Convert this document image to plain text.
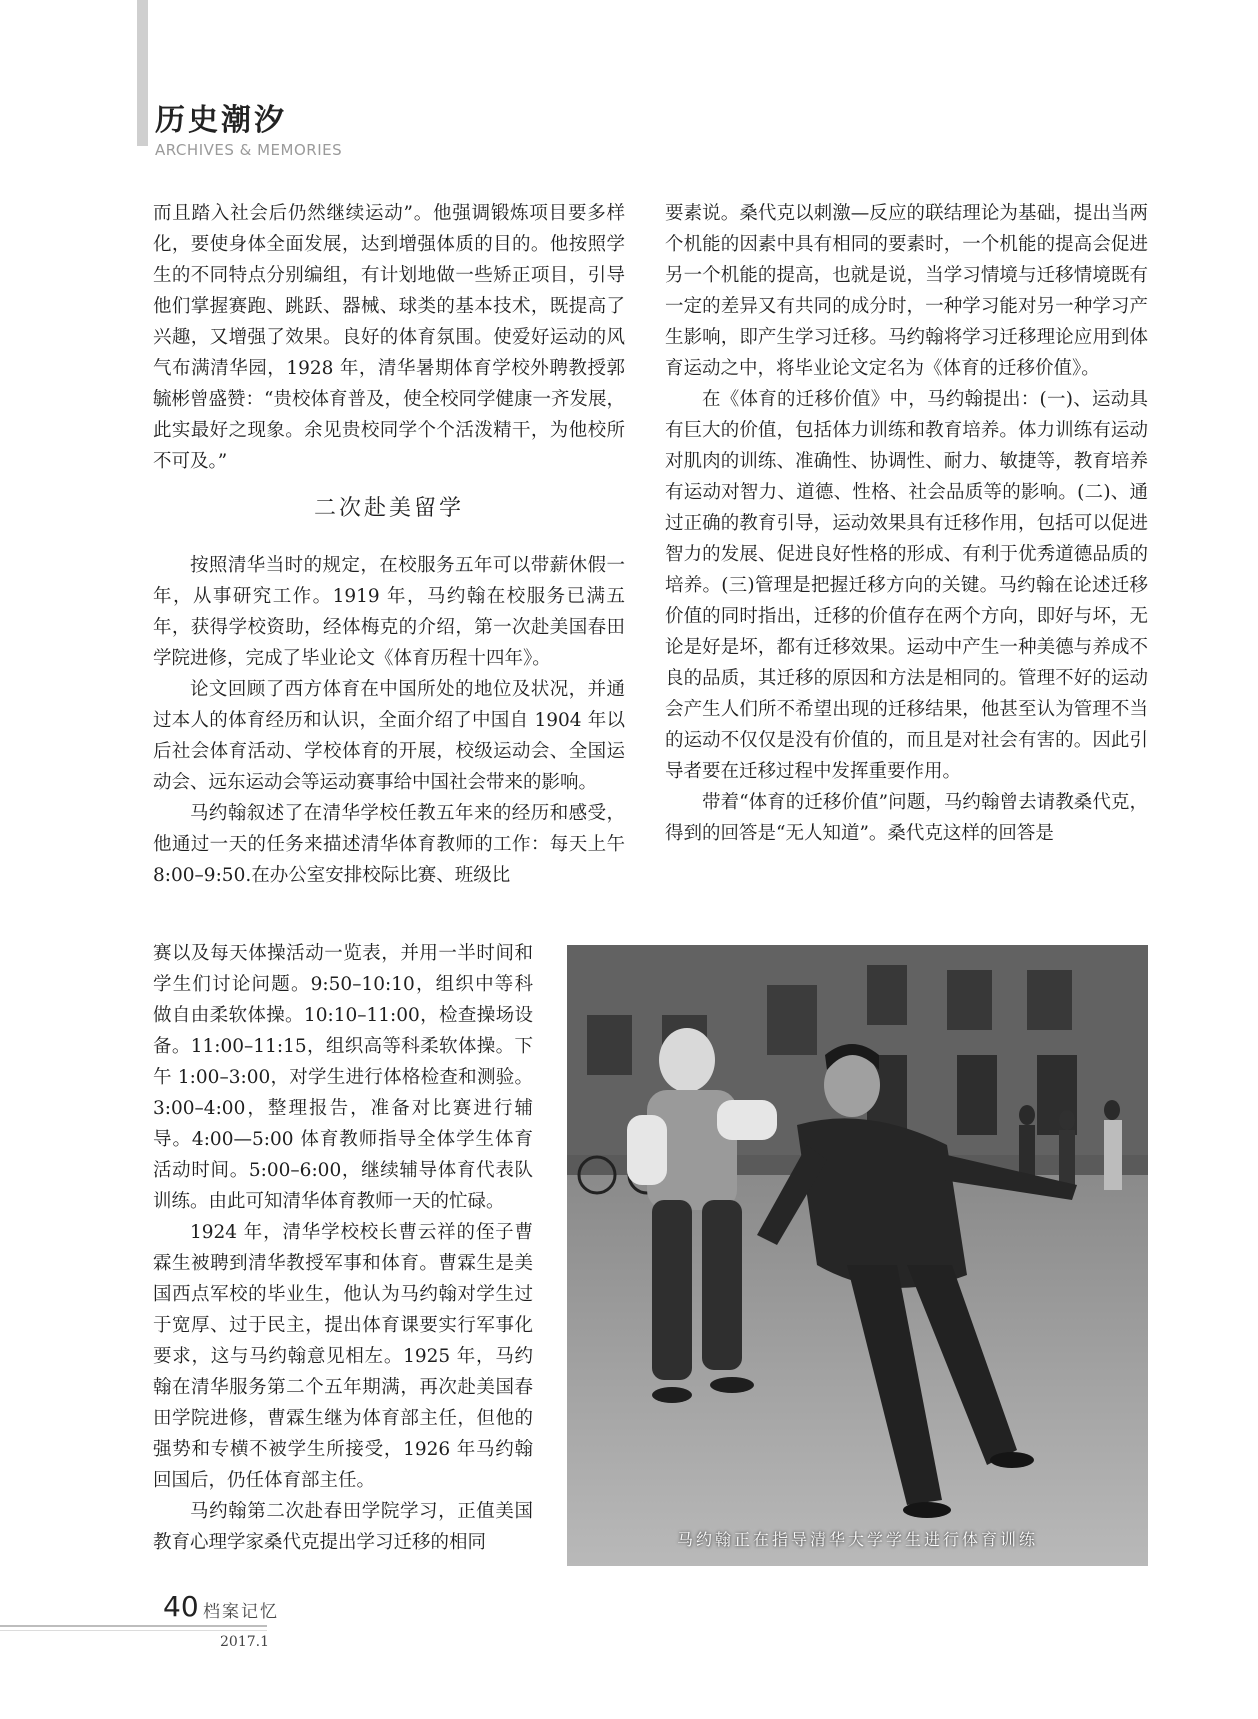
历史潮汐
ARCHIVES & MEMORIES

而且踏入社会后仍然继续运动”。他强调锻炼项目要多样化，要使身体全面发展，达到增强体质的目的。他按照学生的不同特点分别编组，有计划地做一些矫正项目，引导他们掌握赛跑、跳跃、器械、球类的基本技术，既提高了兴趣，又增强了效果。良好的体育氛围。使爱好运动的风气布满清华园，1928 年，清华暑期体育学校外聘教授郭毓彬曾盛赞：“贵校体育普及，使全校同学健康一齐发展，此实最好之现象。余见贵校同学个个活泼精干，为他校所不可及。”

二次赴美留学

按照清华当时的规定，在校服务五年可以带薪休假一年，从事研究工作。1919 年，马约翰在校服务已满五年，获得学校资助，经体梅克的介绍，第一次赴美国春田学院进修，完成了毕业论文《体育历程十四年》。

论文回顾了西方体育在中国所处的地位及状况，并通过本人的体育经历和认识，全面介绍了中国自 1904 年以后社会体育活动、学校体育的开展，校级运动会、全国运动会、远东运动会等运动赛事给中国社会带来的影响。

马约翰叙述了在清华学校任教五年来的经历和感受，他通过一天的任务来描述清华体育教师的工作：每天上午 8:00–9:50.在办公室安排校际比赛、班级比

赛以及每天体操活动一览表，并用一半时间和学生们讨论问题。9:50–10:10，组织中等科做自由柔软体操。10:10–11:00，检查操场设备。11:00–11:15，组织高等科柔软体操。下午 1:00–3:00，对学生进行体格检查和测验。3:00–4:00，整理报告，准备对比赛进行辅导。4:00—5:00 体育教师指导全体学生体育活动时间。5:00–6:00，继续辅导体育代表队训练。由此可知清华体育教师一天的忙碌。

1924 年，清华学校校长曹云祥的侄子曹霖生被聘到清华教授军事和体育。曹霖生是美国西点军校的毕业生，他认为马约翰对学生过于宽厚、过于民主，提出体育课要实行军事化要求，这与马约翰意见相左。1925 年，马约翰在清华服务第二个五年期满，再次赴美国春田学院进修，曹霖生继为体育部主任，但他的强势和专横不被学生所接受，1926 年马约翰回国后，仍任体育部主任。

马约翰第二次赴春田学院学习，正值美国教育心理学家桑代克提出学习迁移的相同

要素说。桑代克以刺激—反应的联结理论为基础，提出当两个机能的因素中具有相同的要素时，一个机能的提高会促进另一个机能的提高，也就是说，当学习情境与迁移情境既有一定的差异又有共同的成分时，一种学习能对另一种学习产生影响，即产生学习迁移。马约翰将学习迁移理论应用到体育运动之中，将毕业论文定名为《体育的迁移价值》。

在《体育的迁移价值》中，马约翰提出：(一)、运动具有巨大的价值，包括体力训练和教育培养。体力训练有运动对肌肉的训练、准确性、协调性、耐力、敏捷等，教育培养有运动对智力、道德、性格、社会品质等的影响。(二)、通过正确的教育引导，运动效果具有迁移作用，包括可以促进智力的发展、促进良好性格的形成、有利于优秀道德品质的培养。(三)管理是把握迁移方向的关键。马约翰在论述迁移价值的同时指出，迁移的价值存在两个方向，即好与坏，无论是好是坏，都有迁移效果。运动中产生一种美德与养成不良的品质，其迁移的原因和方法是相同的。管理不好的运动会产生人们所不希望出现的迁移结果，他甚至认为管理不当的运动不仅仅是没有价值的，而且是对社会有害的。因此引导者要在迁移过程中发挥重要作用。

带着“体育的迁移价值”问题，马约翰曾去请教桑代克，得到的回答是“无人知道”。桑代克这样的回答是

马约翰正在指导清华大学学生进行体育训练
40 档案记忆
2017.1
